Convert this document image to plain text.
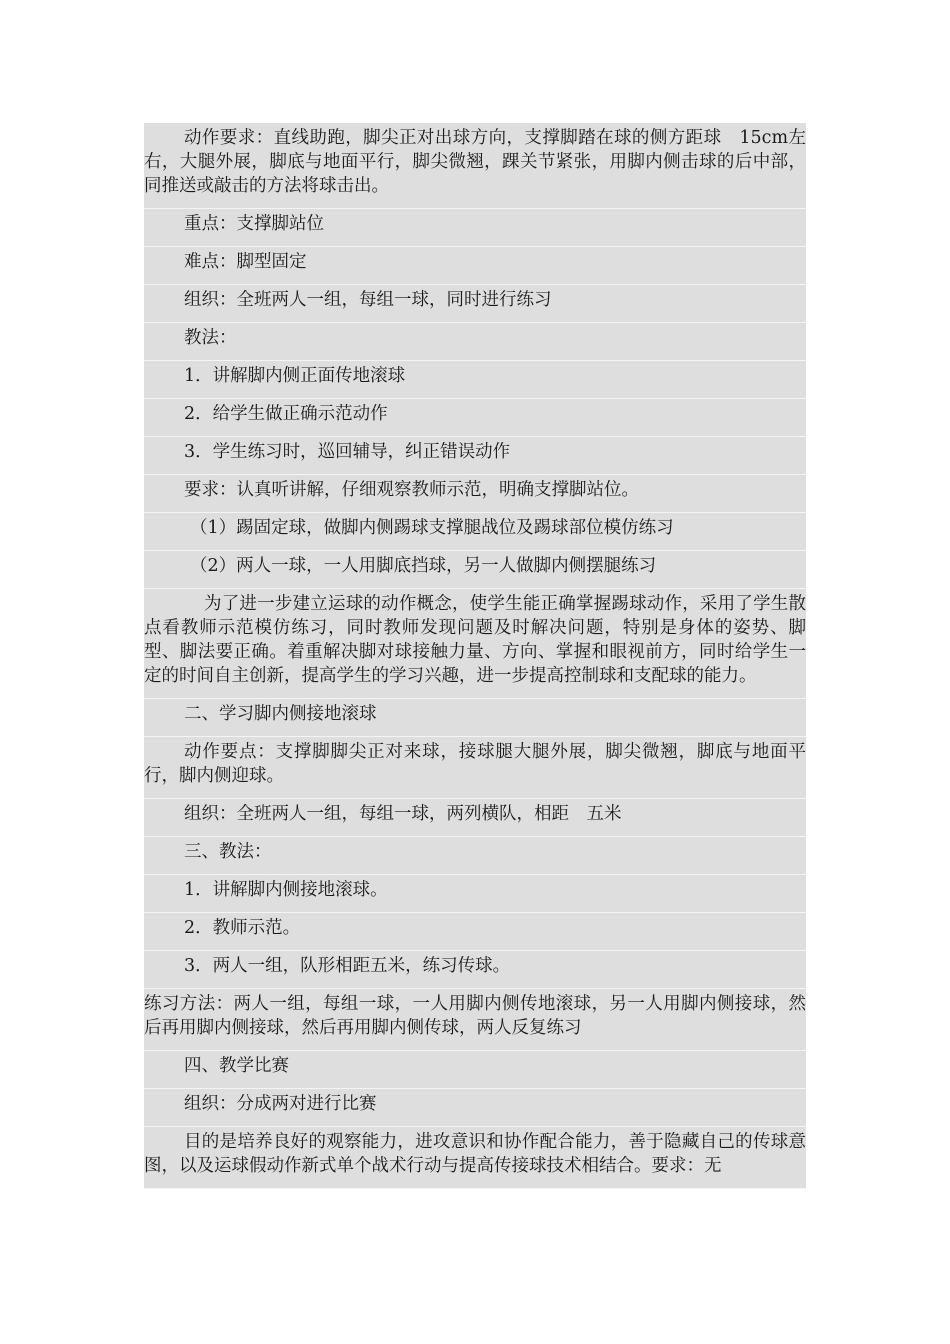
动作要求：直线助跑，脚尖正对出球方向，支撑脚踏在球的侧方距球　15cm左右，大腿外展，脚底与地面平行，脚尖微翘，踝关节紧张，用脚内侧击球的后中部，同推送或敲击的方法将球击出。
重点：支撑脚站位
难点：脚型固定
组织：全班两人一组，每组一球，同时进行练习
教法：
1．讲解脚内侧正面传地滚球
2．给学生做正确示范动作
3．学生练习时，巡回辅导，纠正错误动作
要求：认真听讲解，仔细观察教师示范，明确支撑脚站位。
（1）踢固定球，做脚内侧踢球支撑腿战位及踢球部位模仿练习
（2）两人一球，一人用脚底挡球，另一人做脚内侧摆腿练习
为了进一步建立运球的动作概念，使学生能正确掌握踢球动作，采用了学生散点看教师示范模仿练习，同时教师发现问题及时解决问题，特别是身体的姿势、脚型、脚法要正确。着重解决脚对球接触力量、方向、掌握和眼视前方，同时给学生一定的时间自主创新，提高学生的学习兴趣，进一步提高控制球和支配球的能力。
二、学习脚内侧接地滚球
动作要点：支撑脚脚尖正对来球，接球腿大腿外展，脚尖微翘，脚底与地面平行，脚内侧迎球。
组织：全班两人一组，每组一球，两列横队，相距　五米
三、教法：
1．讲解脚内侧接地滚球。
2．教师示范。
3．两人一组，队形相距五米，练习传球。
练习方法：两人一组，每组一球，一人用脚内侧传地滚球，另一人用脚内侧接球，然后再用脚内侧接球，然后再用脚内侧传球，两人反复练习
四、教学比赛
组织：分成两对进行比赛
目的是培养良好的观察能力，进攻意识和协作配合能力，善于隐藏自己的传球意图，以及运球假动作新式单个战术行动与提高传接球技术相结合。要求：无
